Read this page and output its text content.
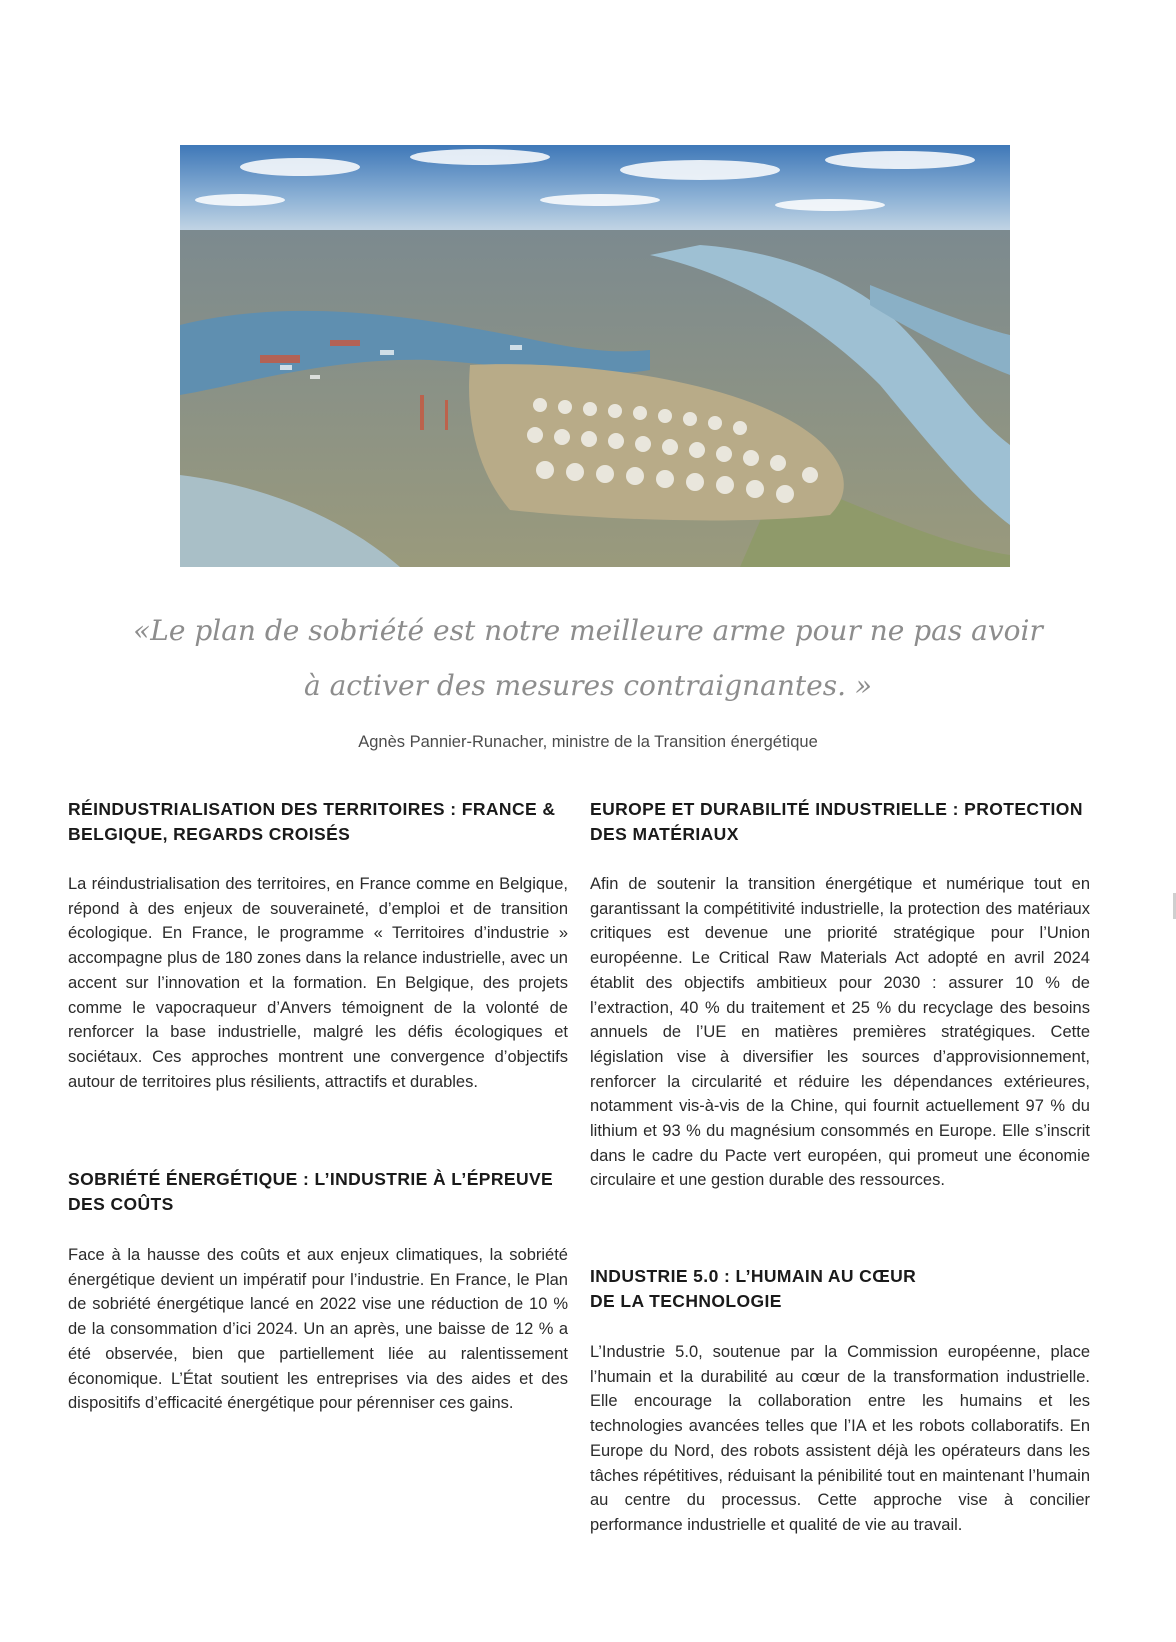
«Le plan de sobriété est notre meilleure arme pour ne pas avoir
à activer des mesures contraignantes. »
Agnès Pannier-Runacher, ministre de la Transition énergétique
RÉINDUSTRIALISATION DES TERRITOIRES : FRANCE & BELGIQUE, REGARDS CROISÉS

La réindustrialisation des territoires, en France comme en Belgique, répond à des enjeux de souveraineté, d’emploi et de transition écologique. En France, le programme « Territoires d’industrie » accompagne plus de 180 zones dans la relance industrielle, avec un accent sur l’innovation et la formation. En Belgique, des projets comme le vapocraqueur d’Anvers témoignent de la volonté de renforcer la base industrielle, malgré les défis écologiques et sociétaux. Ces approches montrent une convergence d’objectifs autour de territoires plus résilients, attractifs et durables.

SOBRIÉTÉ ÉNERGÉTIQUE : L’INDUSTRIE À L’ÉPREUVE DES COÛTS

Face à la hausse des coûts et aux enjeux climatiques, la sobriété énergétique devient un impératif pour l’industrie. En France, le Plan de sobriété énergétique lancé en 2022 vise une réduction de 10 % de la consommation d’ici 2024. Un an après, une baisse de 12 % a été observée, bien que partiellement liée au ralentissement économique. L’État soutient les entreprises via des aides et des dispositifs d’efficacité énergétique pour pérenniser ces gains.

EUROPE ET DURABILITÉ INDUSTRIELLE : PROTECTION DES MATÉRIAUX

Afin de soutenir la transition énergétique et numérique tout en garantissant la compétitivité industrielle, la protection des matériaux critiques est devenue une priorité stratégique pour l’Union européenne. Le Critical Raw Materials Act adopté en avril 2024 établit des objectifs ambitieux pour 2030 : assurer 10 % de l’extraction, 40 % du traitement et 25 % du recyclage des besoins annuels de l’UE en matières premières stratégiques. Cette législation vise à diversifier les sources d’approvisionnement, renforcer la circularité et réduire les dépendances extérieures, notamment vis-à-vis de la Chine, qui fournit actuellement 97 % du lithium et 93 % du magnésium consommés en Europe. Elle s’inscrit dans le cadre du Pacte vert européen, qui promeut une économie circulaire et une gestion durable des ressources.

INDUSTRIE 5.0 : L’HUMAIN AU CŒUR
DE LA TECHNOLOGIE

L’Industrie 5.0, soutenue par la Commission européenne, place l’humain et la durabilité au cœur de la transformation industrielle. Elle encourage la collaboration entre les humains et les technologies avancées telles que l’IA et les robots collaboratifs. En Europe du Nord, des robots assistent déjà les opérateurs dans les tâches répétitives, réduisant la pénibilité tout en maintenant l’humain au centre du processus. Cette approche vise à concilier performance industrielle et qualité de vie au travail.
